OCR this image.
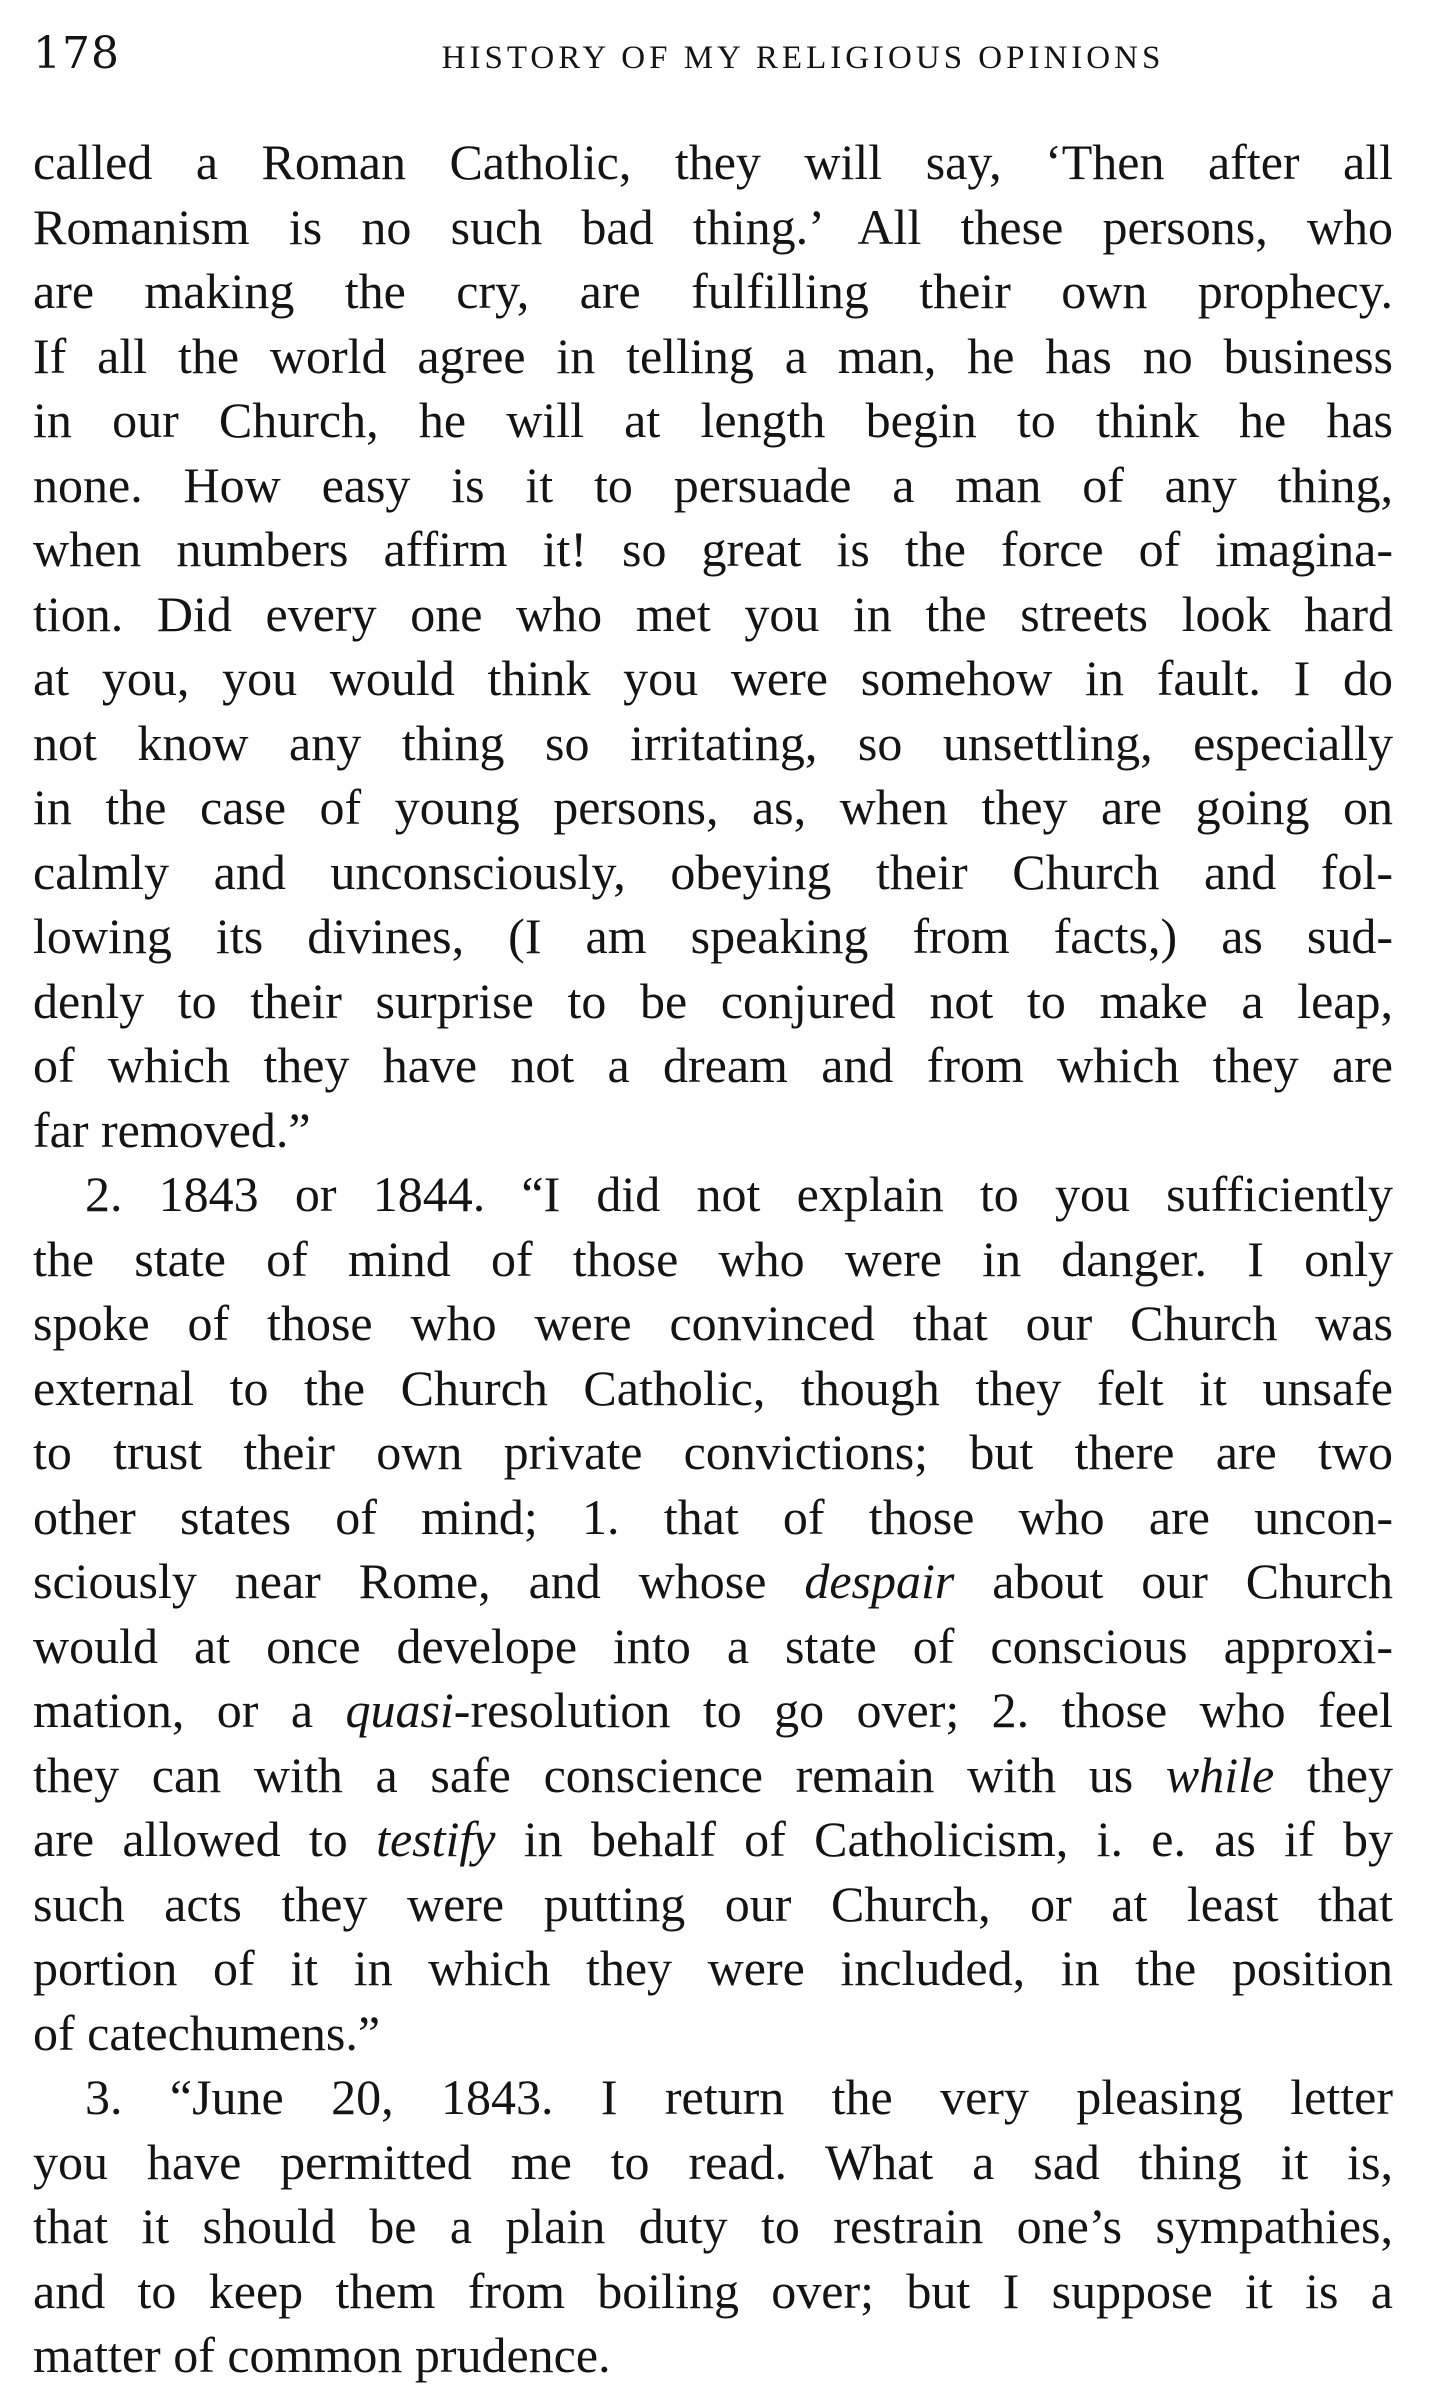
178	HISTORY OF MY RELIGIOUS OPINIONS
called a Roman Catholic, they will say, ‘Then after all
Romanism is no such bad thing.’ All these persons, who
are making the cry, are fulfilling their own prophecy.
If all the world agree in telling a man, he has no business
in our Church, he will at length begin to think he has
none. How easy is it to persuade a man of any thing,
when numbers affirm it! so great is the force of imagina-
tion. Did every one who met you in the streets look hard
at you, you would think you were somehow in fault. I do
not know any thing so irritating, so unsettling, especially
in the case of young persons, as, when they are going on
calmly and unconsciously, obeying their Church and fol-
lowing its divines, (I am speaking from facts,) as sud-
denly to their surprise to be conjured not to make a leap,
of which they have not a dream and from which they are
far removed.”
2. 1843 or 1844. “I did not explain to you sufficiently
the state of mind of those who were in danger. I only
spoke of those who were convinced that our Church was
external to the Church Catholic, though they felt it unsafe
to trust their own private convictions; but there are two
other states of mind; 1. that of those who are uncon-
sciously near Rome, and whose despair about our Church
would at once develope into a state of conscious approxi-
mation, or a quasi-resolution to go over; 2. those who feel
they can with a safe conscience remain with us while they
are allowed to testify in behalf of Catholicism, i. e. as if by
such acts they were putting our Church, or at least that
portion of it in which they were included, in the position
of catechumens.”
3. “June 20, 1843. I return the very pleasing letter
you have permitted me to read. What a sad thing it is,
that it should be a plain duty to restrain one’s sympathies,
and to keep them from boiling over; but I suppose it is a
matter of common prudence.
